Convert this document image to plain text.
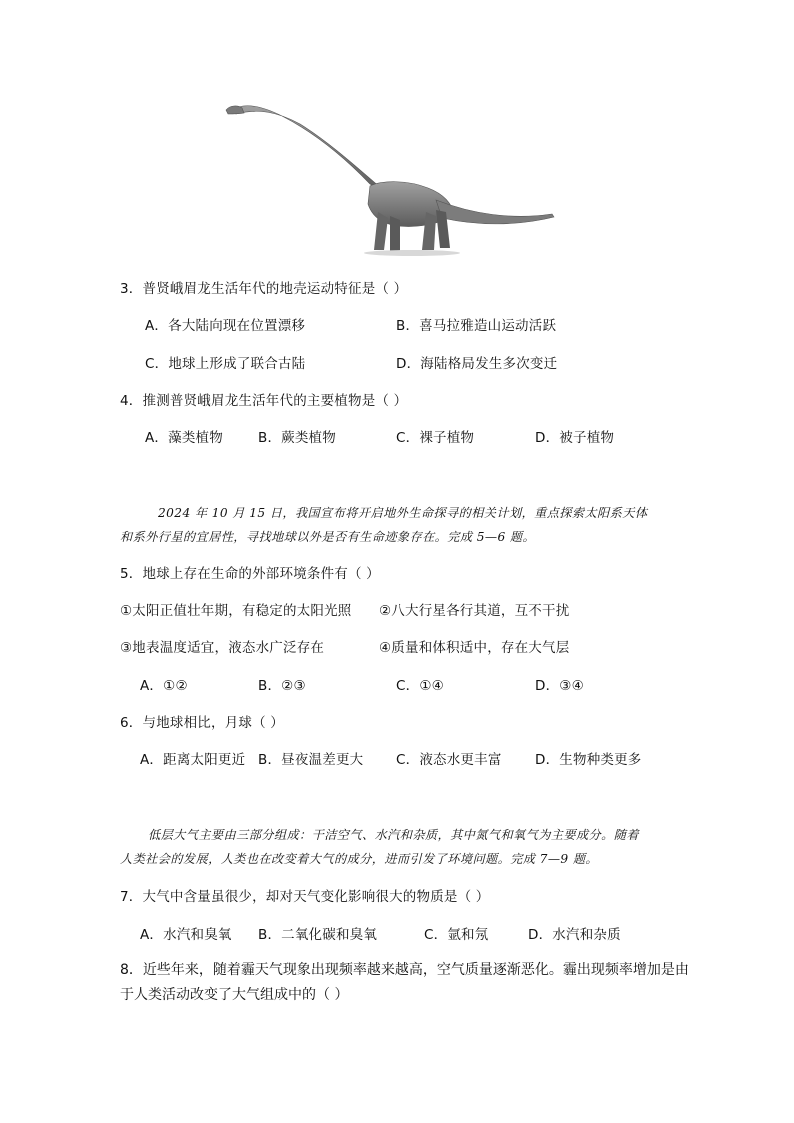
3．普贤峨眉龙生活年代的地壳运动特征是（ ）
A．各大陆向现在位置漂移	B．喜马拉雅造山运动活跃
C．地球上形成了联合古陆	D．海陆格局发生多次变迁
4．推测普贤峨眉龙生活年代的主要植物是（ ）
A．藻类植物	B．蕨类植物	C．裸子植物	D．被子植物
2024 年 10 月 15 日，我国宣布将开启地外生命探寻的相关计划，重点探索太阳系天体
和系外行星的宜居性，寻找地球以外是否有生命迹象存在。完成 5—6 题。
5．地球上存在生命的外部环境条件有（ ）
①太阳正值壮年期，有稳定的太阳光照 ②八大行星各行其道，互不干扰
③地表温度适宜，液态水广泛存在	④质量和体积适中，存在大气层
A．①②	B．②③	C．①④	D．③④
6．与地球相比，月球（ ）
A．距离太阳更近 B．昼夜温差更大 C．液态水更丰富 D．生物种类更多
低层大气主要由三部分组成：干洁空气、水汽和杂质，其中氮气和氧气为主要成分。随着
人类社会的发展，人类也在改变着大气的成分，进而引发了环境问题。完成 7—9 题。
7．大气中含量虽很少，却对天气变化影响很大的物质是（ ）
A．水汽和臭氧 B．二氧化碳和臭氧	C．氩和氖	D．水汽和杂质
8．近些年来，随着霾天气现象出现频率越来越高，空气质量逐渐恶化。霾出现频率增加是由
于人类活动改变了大气组成中的（ ）
